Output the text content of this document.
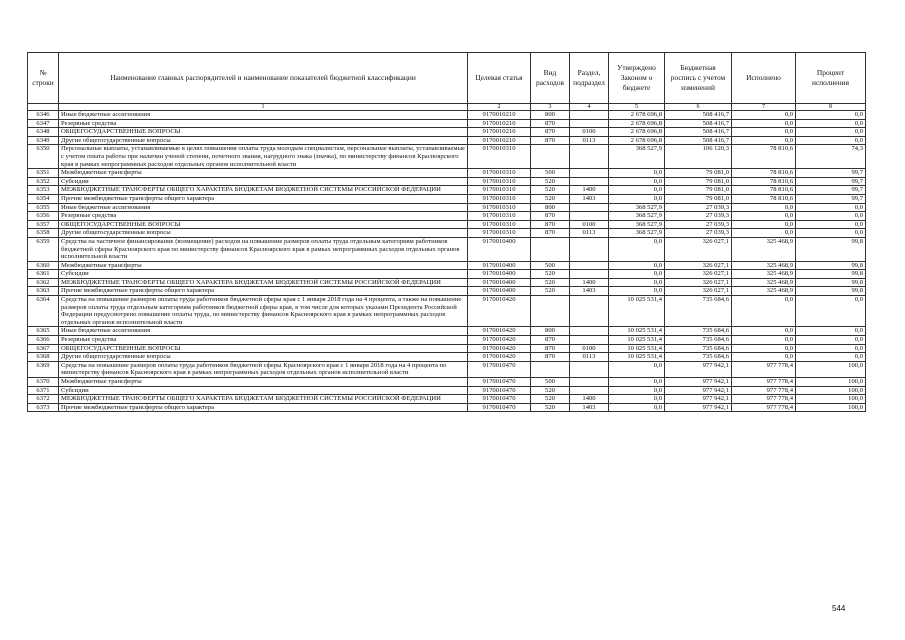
№ строки	Наименование главных распорядителей и наименование показателей бюджетной классификации	Целевая статья	Вид расходов	Раздел, подраздел	Утверждено Законом о бюджете	Бюджетная роспись с учетом изменений	Исполнено	Процент исполнения
	1	2	3	4	5	6	7	8
6346	Иные бюджетные ассигнования	9170010210	800		2 678 696,8	508 416,7	0,0	0,0
6347	Резервные средства	9170010210	870		2 678 696,8	508 416,7	0,0	0,0
6348	ОБЩЕГОСУДАРСТВЕННЫЕ ВОПРОСЫ	9170010210	870	0100	2 678 696,8	508 416,7	0,0	0,0
6349	Другие общегосударственные вопросы	9170010210	870	0113	2 678 696,8	508 416,7	0,0	0,0
6350	Персональные выплаты, устанавливаемые в целях повышения оплаты труда молодым специалистам, персональные выплаты, устанавливаемые с учетом опыта работы при наличии ученой степени, почетного звания, нагрудного знака (значка), по министерству финансов Красноярского края в рамках непрограммных расходов отдельных органов исполнительной власти	9170010310			368 527,9	106 120,3	78 810,6	74,3
6351	Межбюджетные трансферты	9170010310	500		0,0	79 081,0	78 810,6	99,7
6352	Субсидии	9170010310	520		0,0	79 081,0	78 810,6	99,7
6353	МЕЖБЮДЖЕТНЫЕ ТРАНСФЕРТЫ ОБЩЕГО ХАРАКТЕРА БЮДЖЕТАМ БЮДЖЕТНОЙ СИСТЕМЫ РОССИЙСКОЙ ФЕДЕРАЦИИ	9170010310	520	1400	0,0	79 081,0	78 810,6	99,7
6354	Прочие межбюджетные трансферты общего характера	9170010310	520	1403	0,0	79 081,0	78 810,6	99,7
6355	Иные бюджетные ассигнования	9170010310	800		368 527,9	27 039,3	0,0	0,0
6356	Резервные средства	9170010310	870		368 527,9	27 039,3	0,0	0,0
6357	ОБЩЕГОСУДАРСТВЕННЫЕ ВОПРОСЫ	9170010310	870	0100	368 527,9	27 039,3	0,0	0,0
6358	Другие общегосударственные вопросы	9170010310	870	0113	368 527,9	27 039,3	0,0	0,0
6359	Средства на частичное финансирование (возмещение) расходов на повышение размеров оплаты труда отдельным категориям работников бюджетной сферы Красноярского края по министерству финансов Красноярского края в рамках непрограммных расходов отдельных органов исполнительной власти	9170010400			0,0	326 027,1	325 468,9	99,8
6360	Межбюджетные трансферты	9170010400	500		0,0	326 027,1	325 468,9	99,8
6361	Субсидии	9170010400	520		0,0	326 027,1	325 468,9	99,8
6362	МЕЖБЮДЖЕТНЫЕ ТРАНСФЕРТЫ ОБЩЕГО ХАРАКТЕРА БЮДЖЕТАМ БЮДЖЕТНОЙ СИСТЕМЫ РОССИЙСКОЙ ФЕДЕРАЦИИ	9170010400	520	1400	0,0	326 027,1	325 468,9	99,8
6363	Прочие межбюджетные трансферты общего характера	9170010400	520	1403	0,0	326 027,1	325 468,9	99,8
6364	Средства на повышение размеров оплаты труда работников бюджетной сферы края с 1 января 2018 года на 4 процента, а также на повышение размеров оплаты труда отдельным категориям работников бюджетной сферы края, в том числе для которых указами Президента Российской Федерации предусмотрено повышение оплаты труда, по министерству финансов Красноярского края в рамках непрограммных расходов отдельных органов исполнительной власти	9170010420			10 025 531,4	735 684,6	0,0	0,0
6365	Иные бюджетные ассигнования	9170010420	800		10 025 531,4	735 684,6	0,0	0,0
6366	Резервные средства	9170010420	870		10 025 531,4	735 684,6	0,0	0,0
6367	ОБЩЕГОСУДАРСТВЕННЫЕ ВОПРОСЫ	9170010420	870	0100	10 025 531,4	735 684,6	0,0	0,0
6368	Другие общегосударственные вопросы	9170010420	870	0113	10 025 531,4	735 684,6	0,0	0,0
6369	Средства на повышение размеров оплаты труда работников бюджетной сферы Красноярского края с 1 января 2018 года на 4 процента по министерству финансов Красноярского края в рамках непрограммных расходов отдельных органов исполнительной власти	9170010470			0,0	977 942,1	977 778,4	100,0
6370	Межбюджетные трансферты	9170010470	500		0,0	977 942,1	977 778,4	100,0
6371	Субсидии	9170010470	520		0,0	977 942,1	977 778,4	100,0
6372	МЕЖБЮДЖЕТНЫЕ ТРАНСФЕРТЫ ОБЩЕГО ХАРАКТЕРА БЮДЖЕТАМ БЮДЖЕТНОЙ СИСТЕМЫ РОССИЙСКОЙ ФЕДЕРАЦИИ	9170010470	520	1400	0,0	977 942,1	977 778,4	100,0
6373	Прочие межбюджетные трансферты общего характера	9170010470	520	1403	0,0	977 942,1	977 778,4	100,0
544
